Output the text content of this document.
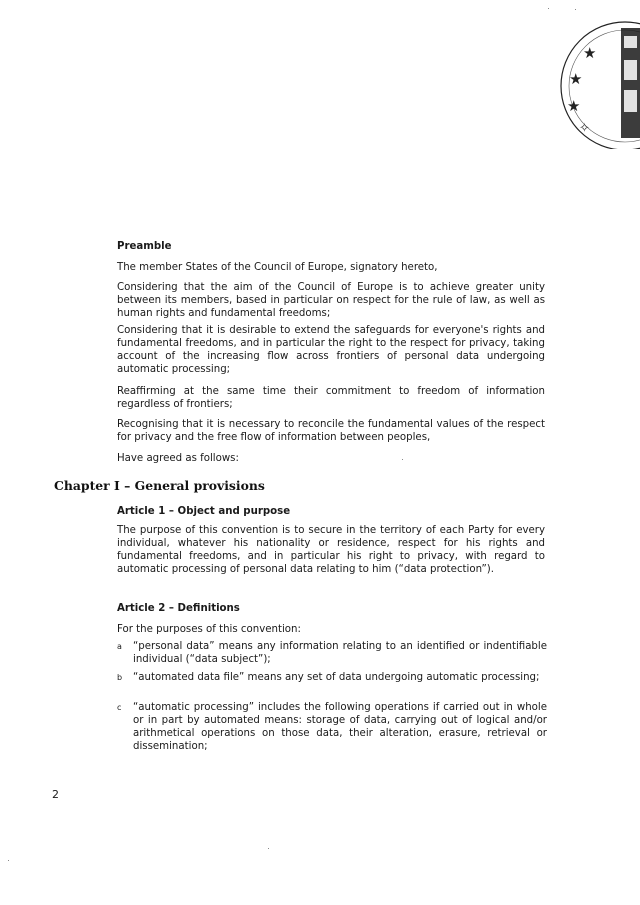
★
★
★
✧
Preamble

The member States of the Council of Europe, signatory hereto,

Considering that the aim of the Council of Europe is to achieve greater unity between its members, based in particular on respect for the rule of law, as well as human rights and fundamental freedoms;

Considering that it is desirable to extend the safeguards for everyone's rights and fundamental freedoms, and in particular the right to the respect for privacy, taking account of the increasing flow across frontiers of personal data undergoing automatic processing;

Reaffirming at the same time their commitment to freedom of information regardless of frontiers;

Recognising that it is necessary to reconcile the fundamental values of the respect for privacy and the free flow of information between peoples,

Have agreed as follows:

Chapter I – General provisions
Article 1 – Object and purpose

The purpose of this convention is to secure in the territory of each Party for every individual, whatever his nationality or residence, respect for his rights and fundamental freedoms, and in particular his right to privacy, with regard to automatic processing of personal data relating to him (“data protection”).

Article 2 – Definitions

For the purposes of this convention:

a “personal data” means any information relating to an identified or indentifiable individual (“data subject”);
b “automated data file” means any set of data undergoing automatic processing;
c “automatic processing” includes the following operations if carried out in whole or in part by automated means: storage of data, carrying out of logical and/or arithmetical operations on those data, their alteration, erasure, retrieval or dissemination;
2
